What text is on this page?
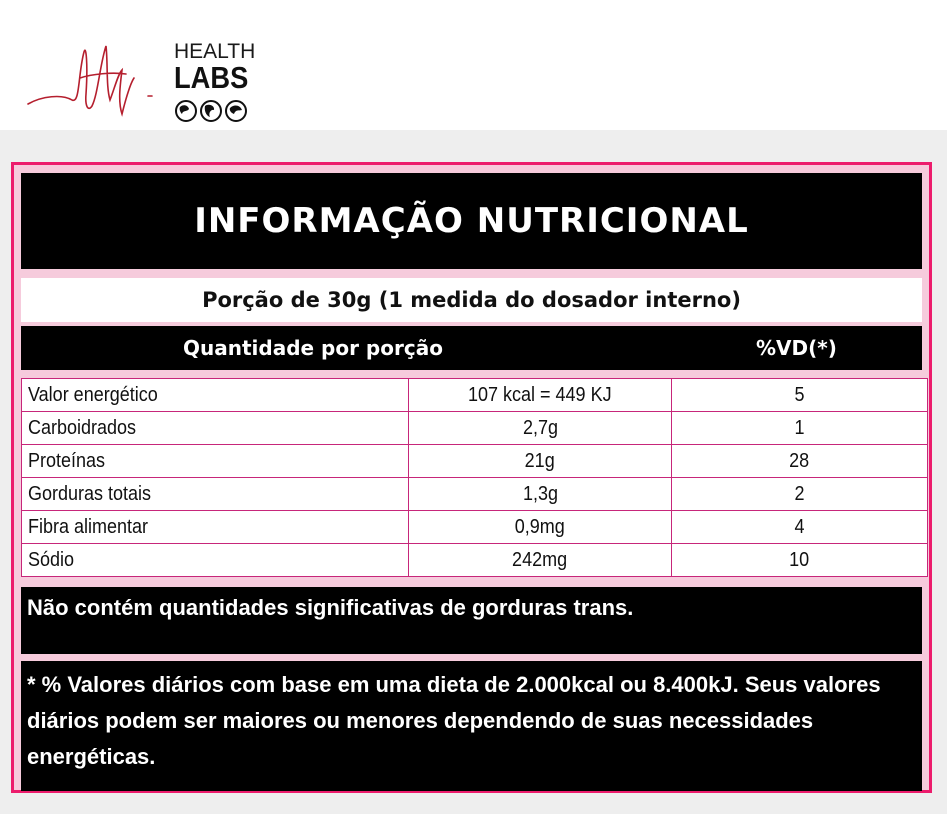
HEALTH
LABS
INFORMAÇÃO NUTRICIONAL
Porção de 30g (1 medida do dosador interno)
Quantidade por porção	%VD(*)
Valor energético	107 kcal = 449 KJ	5
Carboidrados	2,7g	1
Proteínas	21g	28
Gorduras totais	1,3g	2
Fibra alimentar	0,9mg	4
Sódio	242mg	10
Não contém quantidades significativas de gorduras trans.

* % Valores diários com base em uma dieta de 2.000kcal ou 8.400kJ. Seus valores diários podem ser maiores ou menores dependendo de suas necessidades energéticas.
